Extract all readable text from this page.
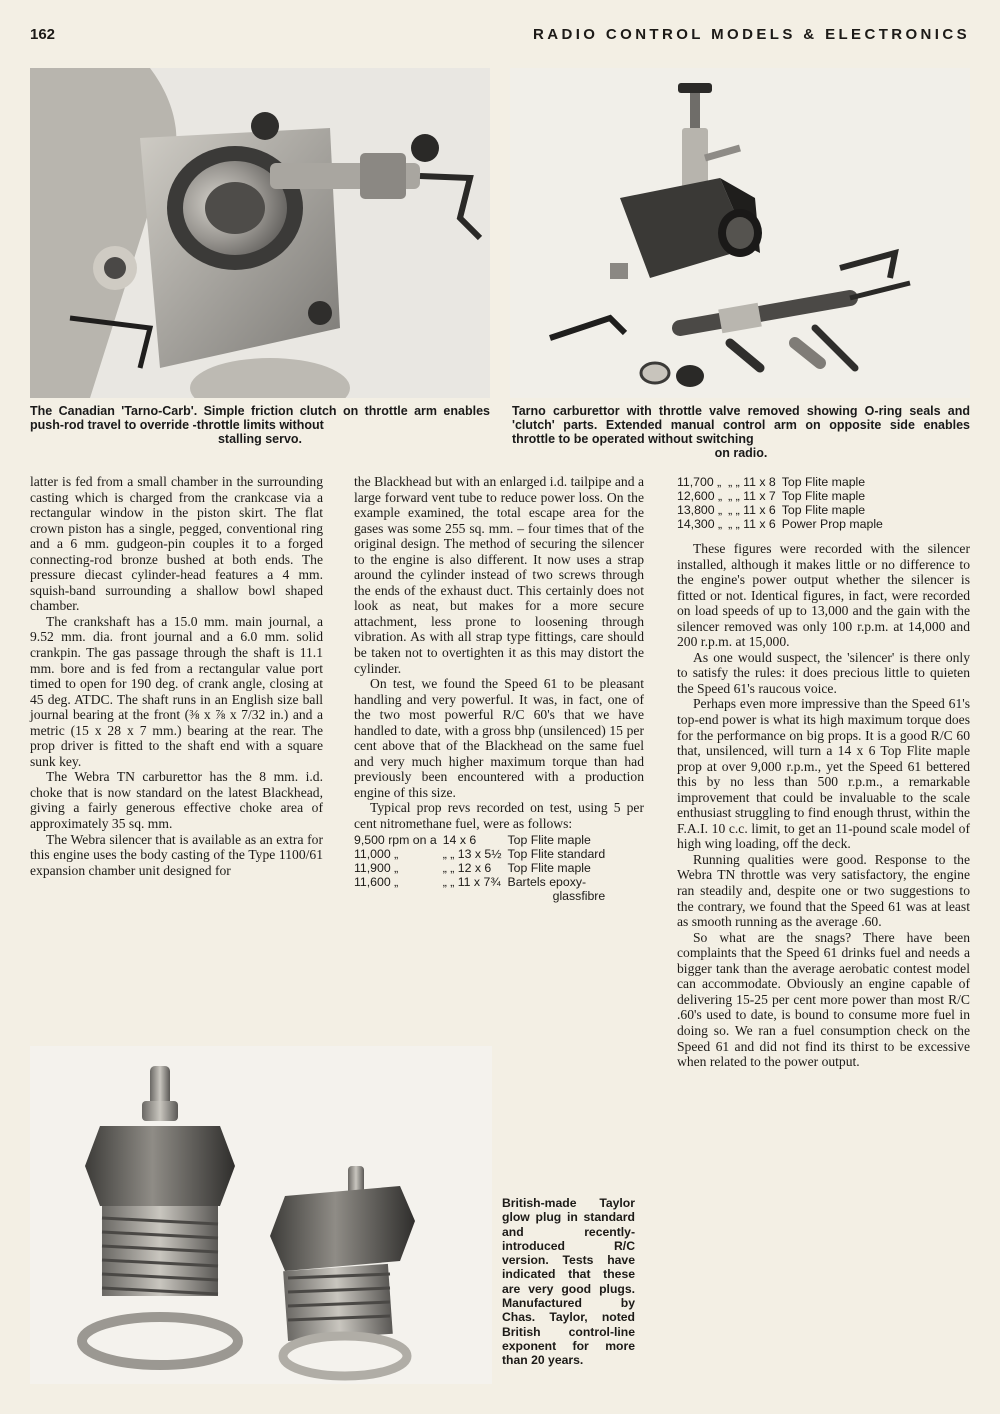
162	RADIO CONTROL MODELS & ELECTRONICS
The Canadian 'Tarno-Carb'. Simple friction clutch on throttle arm enables push-rod travel to override -throttle limits without
stalling servo.
Tarno carburettor with throttle valve removed showing O-ring seals and 'clutch' parts. Extended manual control arm on opposite side enables throttle to be operated without switching
on radio.

latter is fed from a small chamber in the surrounding casting which is charged from the crankcase via a rectangular window in the piston skirt. The flat crown piston has a single, pegged, conventional ring and a 6 mm. gudgeon-pin couples it to a forged connecting-rod bronze bushed at both ends. The pressure diecast cylinder-head features a 4 mm. squish-band surrounding a shallow bowl shaped chamber.

The crankshaft has a 15.0 mm. main journal, a 9.52 mm. dia. front journal and a 6.0 mm. solid crankpin. The gas passage through the shaft is 11.1 mm. bore and is fed from a rectangular value port timed to open for 190 deg. of crank angle, closing at 45 deg. ATDC. The shaft runs in an English size ball journal bearing at the front (⅜ x ⅞ x 7/32 in.) and a metric (15 x 28 x 7 mm.) bearing at the rear. The prop driver is fitted to the shaft end with a square sunk key.

The Webra TN carburettor has the 8 mm. i.d. choke that is now standard on the latest Blackhead, giving a fairly generous effective choke area of approximately 35 sq. mm.

The Webra silencer that is available as an extra for this engine uses the body casting of the Type 1100/61 expansion chamber unit designed for

the Blackhead but with an enlarged i.d. tailpipe and a large forward vent tube to reduce power loss. On the example examined, the total escape area for the gases was some 255 sq. mm. – four times that of the original design. The method of securing the silencer to the engine is also different. It now uses a strap around the cylinder instead of two screws through the ends of the exhaust duct. This certainly does not look as neat, but makes for a more secure attachment, less prone to loosening through vibration. As with all strap type fittings, care should be taken not to overtighten it as this may distort the cylinder.

On test, we found the Speed 61 to be pleasant handling and very powerful. It was, in fact, one of the two most powerful R/C 60's that we have handled to date, with a gross bhp (unsilenced) 15 per cent above that of the Blackhead on the same fuel and very much higher maximum torque than had previously been encountered with a production engine of this size.

Typical prop revs recorded on test, using 5 per cent nitromethane fuel, were as follows:

9,500 rpm on a	14 x 6	Top Flite maple
11,000 „	„ „ 13 x 5½	Top Flite standard
11,900 „	„ „ 12 x 6	Top Flite maple
11,600 „	„ „ 11 x 7¾	Bartels epoxy-
		glassfibre
11,700 „	„ „ 11 x 8	Top Flite maple
12,600 „	„ „ 11 x 7	Top Flite maple
13,800 „	„ „ 11 x 6	Top Flite maple
14,300 „	„ „ 11 x 6	Power Prop maple

These figures were recorded with the silencer installed, although it makes little or no difference to the engine's power output whether the silencer is fitted or not. Identical figures, in fact, were recorded on load speeds of up to 13,000 and the gain with the silencer removed was only 100 r.p.m. at 14,000 and 200 r.p.m. at 15,000.

As one would suspect, the 'silencer' is there only to satisfy the rules: it does precious little to quieten the Speed 61's raucous voice.

Perhaps even more impressive than the Speed 61's top-end power is what its high maximum torque does for the performance on big props. It is a good R/C 60 that, unsilenced, will turn a 14 x 6 Top Flite maple prop at over 9,000 r.p.m., yet the Speed 61 bettered this by no less than 500 r.p.m., a remarkable improvement that could be invaluable to the scale enthusiast struggling to find enough thrust, within the F.A.I. 10 c.c. limit, to get an 11-pound scale model of high wing loading, off the deck.

Running qualities were good. Response to the Webra TN throttle was very satisfactory, the engine ran steadily and, despite one or two suggestions to the contrary, we found that the Speed 61 was at least as smooth running as the average .60.

So what are the snags? There have been complaints that the Speed 61 drinks fuel and needs a bigger tank than the average aerobatic contest model can accommodate. Obviously an engine capable of delivering 15-25 per cent more power than most R/C .60's used to date, is bound to consume more fuel in doing so. We ran a fuel consumption check on the Speed 61 and did not find its thirst to be excessive when related to the power output.

British-made Taylor glow plug in standard and recently-introduced R/C version. Tests have indicated that these are very good plugs. Manufactured by Chas. Taylor, noted British control-line exponent for more than 20 years.
